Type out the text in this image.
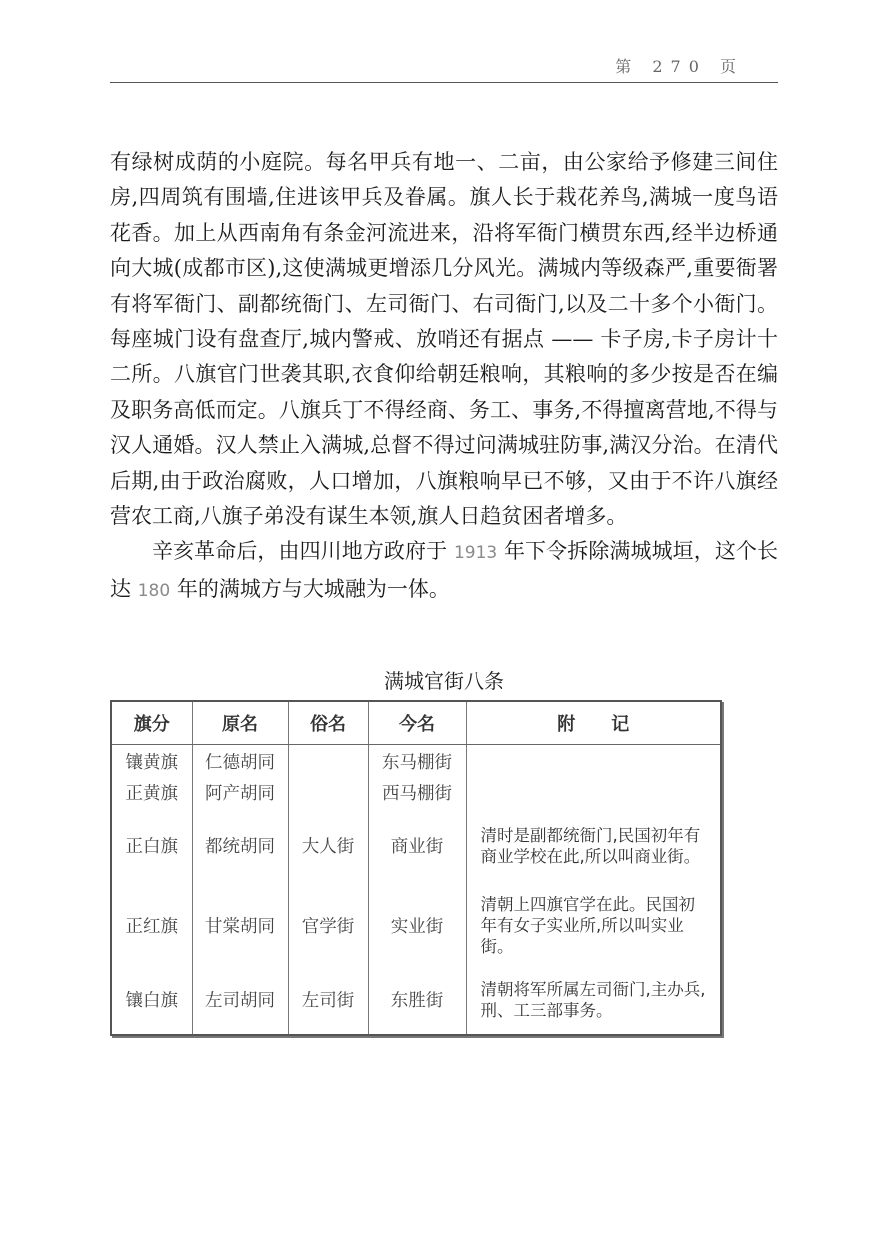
第 270 页

有绿树成荫的小庭院。每名甲兵有地一、二亩，由公家给予修建三间住房,四周筑有围墙,住进该甲兵及眷属。旗人长于栽花养鸟,满城一度鸟语花香。加上从西南角有条金河流进来，沿将军衙门横贯东西,经半边桥通向大城(成都市区),这使满城更增添几分风光。满城内等级森严,重要衙署有将军衙门、副都统衙门、左司衙门、右司衙门,以及二十多个小衙门。每座城门设有盘查厅,城内警戒、放哨还有据点 —— 卡子房,卡子房计十二所。八旗官门世袭其职,衣食仰给朝廷粮响，其粮响的多少按是否在编及职务高低而定。八旗兵丁不得经商、务工、事务,不得擅离营地,不得与汉人通婚。汉人禁止入满城,总督不得过问满城驻防事,满汉分治。在清代后期,由于政治腐败，人口增加，八旗粮响早已不够，又由于不许八旗经营农工商,八旗子弟没有谋生本领,旗人日趋贫困者增多。

辛亥革命后，由四川地方政府于 1913 年下令拆除满城城垣，这个长达 180 年的满城方与大城融为一体。

满城官街八条
旗分	原名	俗名	今名	附　　记
镶黄旗	仁德胡同		东马棚街	
正黄旗	阿产胡同		西马棚街	
正白旗	都统胡同	大人街	商业街	清时是副都统衙门,民国初年有商业学校在此,所以叫商业街。
正红旗	甘棠胡同	官学街	实业街	清朝上四旗官学在此。民国初年有女子实业所,所以叫实业街。
镶白旗	左司胡同	左司街	东胜街	清朝将军所属左司衙门,主办兵,刑、工三部事务。
